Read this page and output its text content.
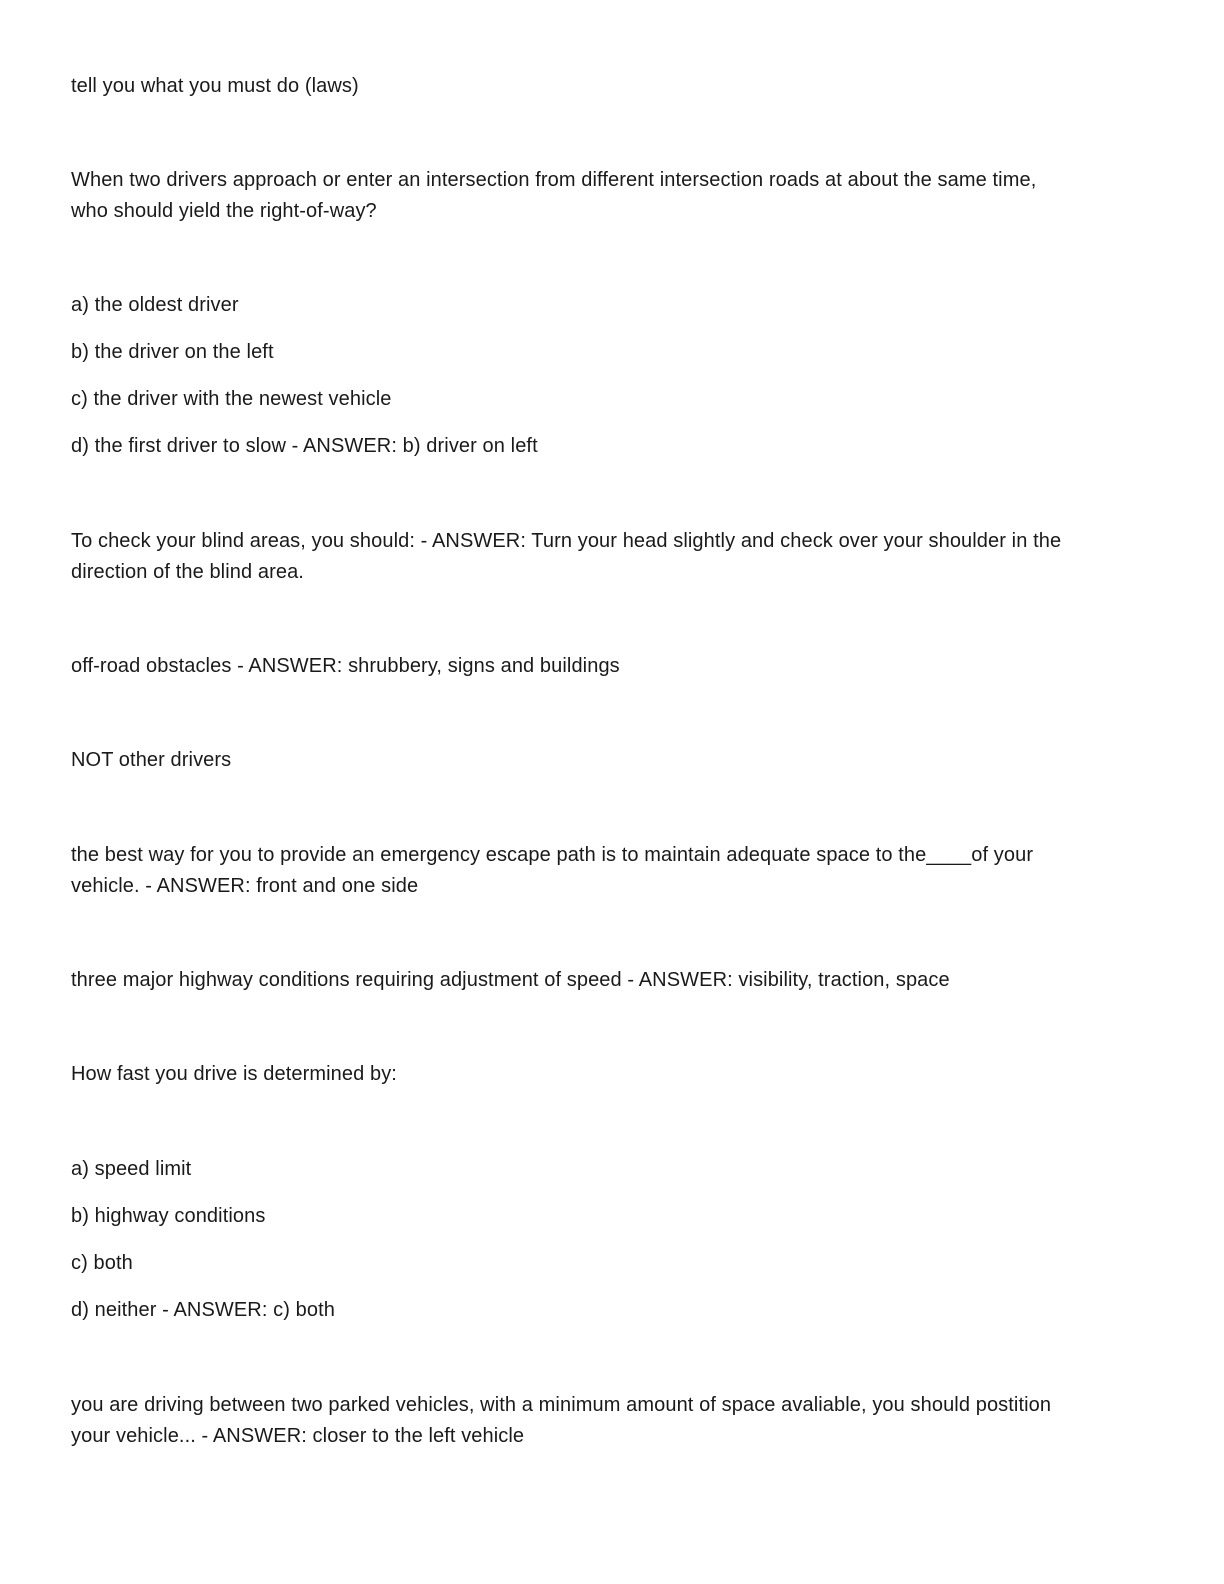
tell you what you must do (laws)
When two drivers approach or enter an intersection from different intersection roads at about the same time,
who should yield the right-of-way?
a) the oldest driver
b) the driver on the left
c) the driver with the newest vehicle
d) the first driver to slow - ANSWER: b) driver on left
To check your blind areas, you should: - ANSWER: Turn your head slightly and check over your shoulder in the
direction of the blind area.
off-road obstacles - ANSWER: shrubbery, signs and buildings
NOT other drivers
the best way for you to provide an emergency escape path is to maintain adequate space to the____of your
vehicle. - ANSWER: front and one side
three major highway conditions requiring adjustment of speed - ANSWER: visibility, traction, space
How fast you drive is determined by:
a) speed limit
b) highway conditions
c) both
d) neither - ANSWER: c) both
you are driving between two parked vehicles, with a minimum amount of space avaliable, you should postition
your vehicle... - ANSWER: closer to the left vehicle
